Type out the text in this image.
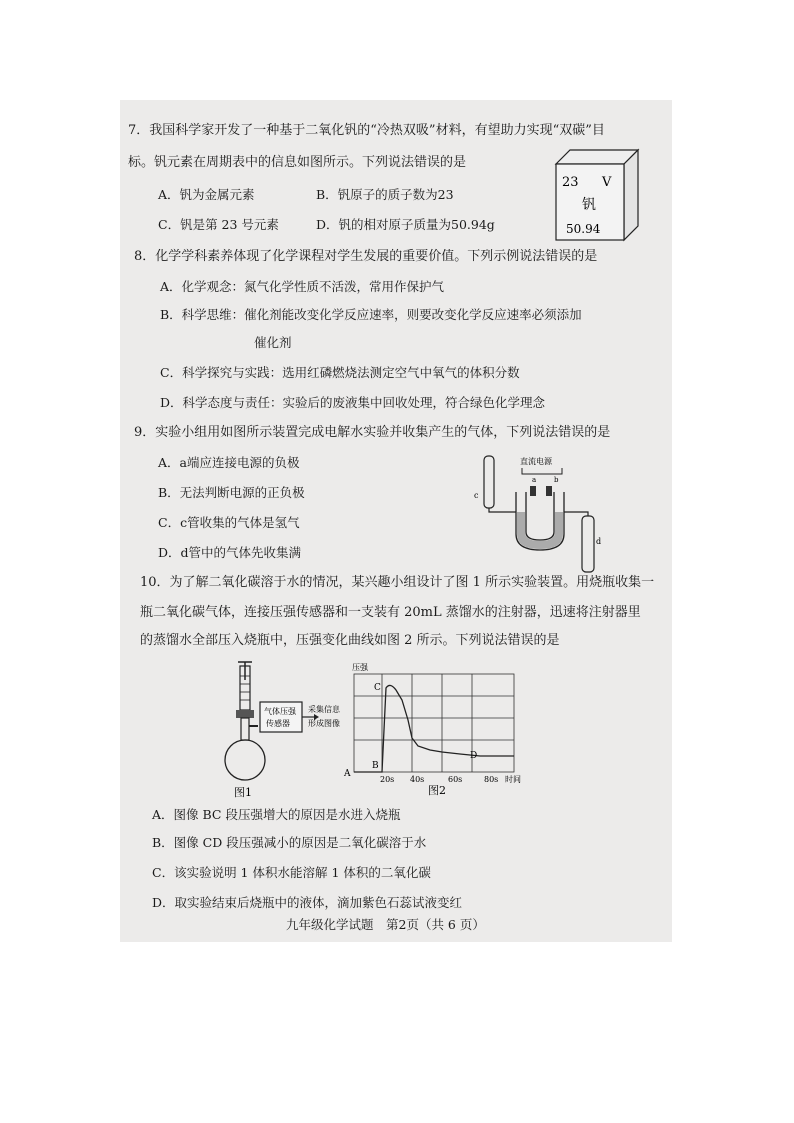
7．我国科学家开发了一种基于二氧化钒的“冷热双吸”材料，有望助力实现“双碳”目
标。钒元素在周期表中的信息如图所示。下列说法错误的是
A．钒为金属元素	B．钒原子的质子数为23
C．钒是第 23 号元素	D．钒的相对原子质量为50.94g
23 V
钒
50.94
8．化学学科素养体现了化学课程对学生发展的重要价值。下列示例说法错误的是
A．化学观念：氮气化学性质不活泼，常用作保护气
B．科学思维：催化剂能改变化学反应速率，则要改变化学反应速率必须添加
催化剂
C．科学探究与实践：选用红磷燃烧法测定空气中氧气的体积分数
D．科学态度与责任：实验后的废液集中回收处理，符合绿色化学理念
9．实验小组用如图所示装置完成电解水实验并收集产生的气体，下列说法错误的是
A．a端应连接电源的负极
B．无法判断电源的正负极
C．c管收集的气体是氢气
D．d管中的气体先收集满
c
直流电源
a	b
d
10．为了解二氧化碳溶于水的情况，某兴趣小组设计了图 1 所示实验装置。用烧瓶收集一
瓶二氧化碳气体，连接压强传感器和一支装有 20mL 蒸馏水的注射器，迅速将注射器里
的蒸馏水全部压入烧瓶中，压强变化曲线如图 2 所示。下列说法错误的是
气体压强
传感器
采集信息
形成图像
图1
压强
A
B
C
D
20s 40s	60s	80s 时间
图2
A．图像 BC 段压强增大的原因是水进入烧瓶
B．图像 CD 段压强减小的原因是二氧化碳溶于水
C．该实验说明 1 体积水能溶解 1 体积的二氧化碳
D．取实验结束后烧瓶中的液体，滴加紫色石蕊试液变红
九年级化学试题　第2页（共 6 页）
